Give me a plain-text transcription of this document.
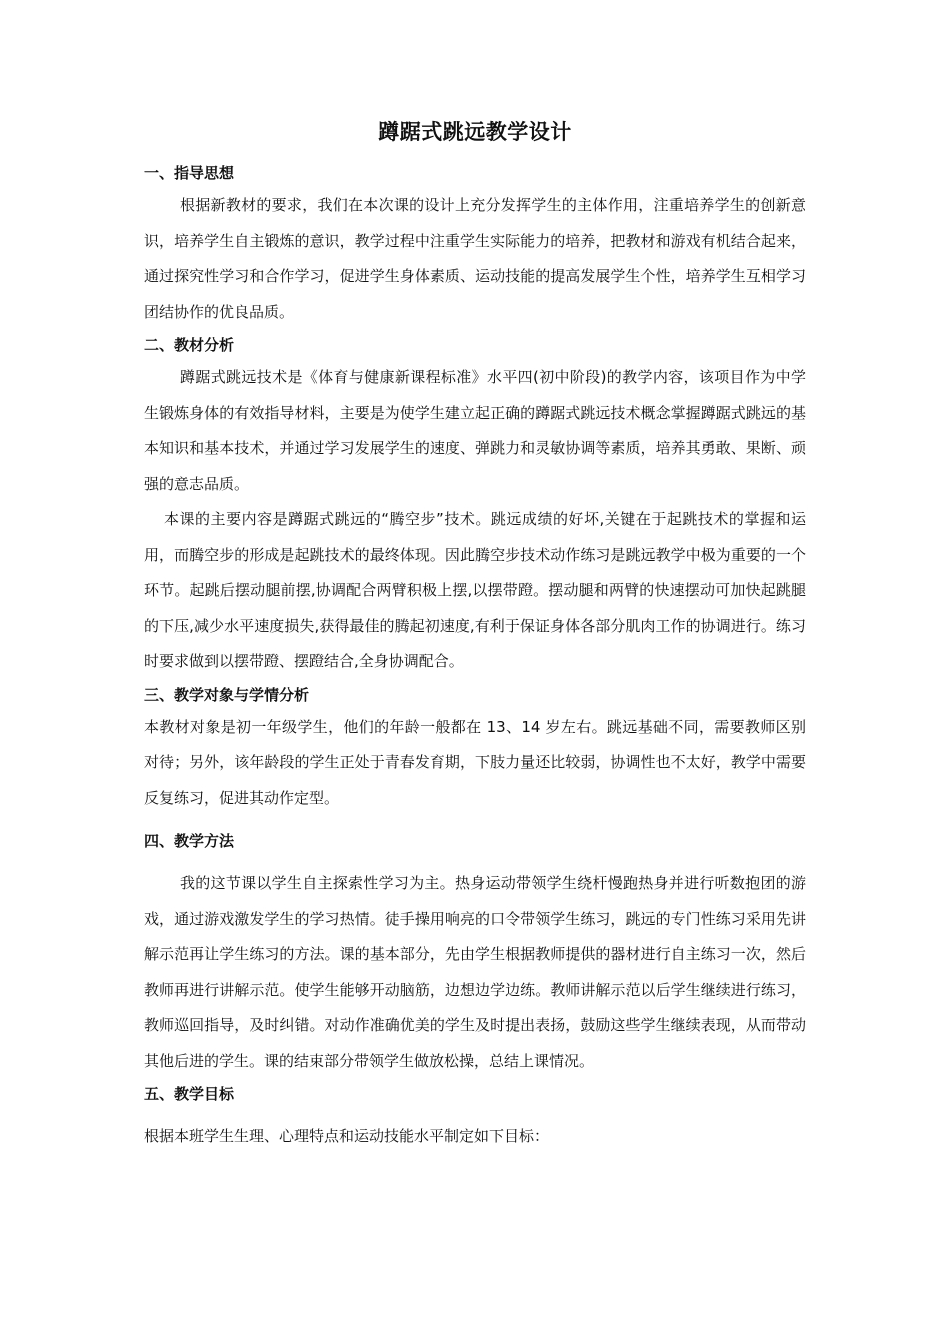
蹲踞式跳远教学设计
一、指导思想

根据新教材的要求，我们在本次课的设计上充分发挥学生的主体作用，注重培养学生的创新意识，培养学生自主锻炼的意识，教学过程中注重学生实际能力的培养，把教材和游戏有机结合起来，通过探究性学习和合作学习，促进学生身体素质、运动技能的提高发展学生个性，培养学生互相学习团结协作的优良品质。

二、教材分析

蹲踞式跳远技术是《体育与健康新课程标准》水平四(初中阶段)的教学内容，该项目作为中学生锻炼身体的有效指导材料，主要是为使学生建立起正确的蹲踞式跳远技术概念掌握蹲踞式跳远的基本知识和基本技术，并通过学习发展学生的速度、弹跳力和灵敏协调等素质，培养其勇敢、果断、顽强的意志品质。

本课的主要内容是蹲踞式跳远的“腾空步”技术。跳远成绩的好坏,关键在于起跳技术的掌握和运用，而腾空步的形成是起跳技术的最终体现。因此腾空步技术动作练习是跳远教学中极为重要的一个环节。起跳后摆动腿前摆,协调配合两臂积极上摆,以摆带蹬。摆动腿和两臂的快速摆动可加快起跳腿的下压,减少水平速度损失,获得最佳的腾起初速度,有利于保证身体各部分肌肉工作的协调进行。练习时要求做到以摆带蹬、摆蹬结合,全身协调配合。

三、教学对象与学情分析

本教材对象是初一年级学生，他们的年龄一般都在 13、14 岁左右。跳远基础不同，需要教师区别对待；另外，该年龄段的学生正处于青春发育期，下肢力量还比较弱，协调性也不太好，教学中需要反复练习，促进其动作定型。

四、教学方法

我的这节课以学生自主探索性学习为主。热身运动带领学生绕杆慢跑热身并进行听数抱团的游戏，通过游戏激发学生的学习热情。徒手操用响亮的口令带领学生练习，跳远的专门性练习采用先讲解示范再让学生练习的方法。课的基本部分，先由学生根据教师提供的器材进行自主练习一次，然后教师再进行讲解示范。使学生能够开动脑筋，边想边学边练。教师讲解示范以后学生继续进行练习，教师巡回指导，及时纠错。对动作准确优美的学生及时提出表扬，鼓励这些学生继续表现，从而带动其他后进的学生。课的结束部分带领学生做放松操，总结上课情况。

五、教学目标

根据本班学生生理、心理特点和运动技能水平制定如下目标：
